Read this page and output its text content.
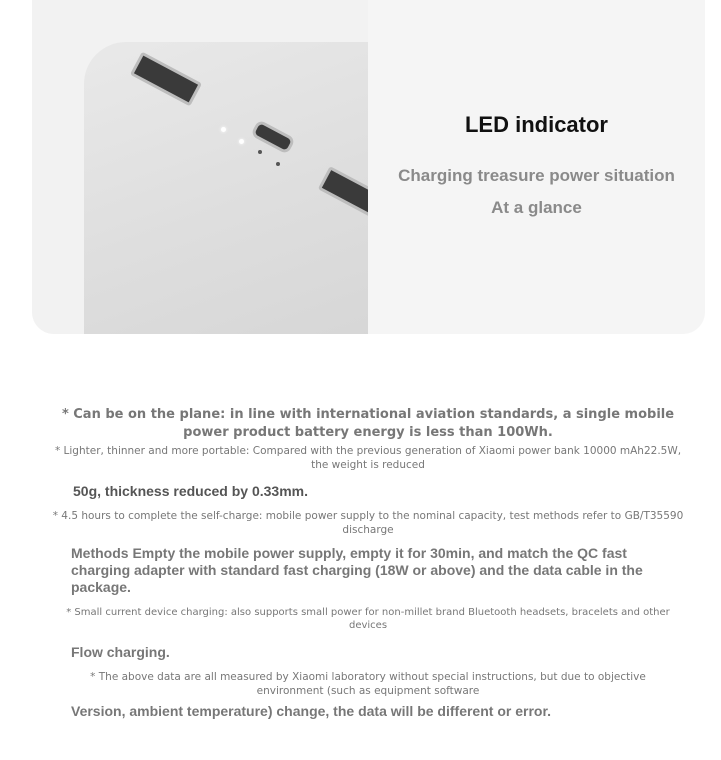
LED indicator
Charging treasure power situation
At a glance
* Can be on the plane: in line with international aviation standards, a single mobile power product battery energy is less than 100Wh.
* Lighter, thinner and more portable: Compared with the previous generation of Xiaomi power bank 10000 mAh22.5W, the weight is reduced
50g, thickness reduced by 0.33mm.
* 4.5 hours to complete the self-charge: mobile power supply to the nominal capacity, test methods refer to GB/T35590 discharge
Methods Empty the mobile power supply, empty it for 30min, and match the QC fast charging adapter with standard fast charging (18W or above) and the data cable in the package.
* Small current device charging: also supports small power for non-millet brand Bluetooth headsets, bracelets and other devices
Flow charging.
* The above data are all measured by Xiaomi laboratory without special instructions, but due to objective environment (such as equipment software
Version, ambient temperature) change, the data will be different or error.
